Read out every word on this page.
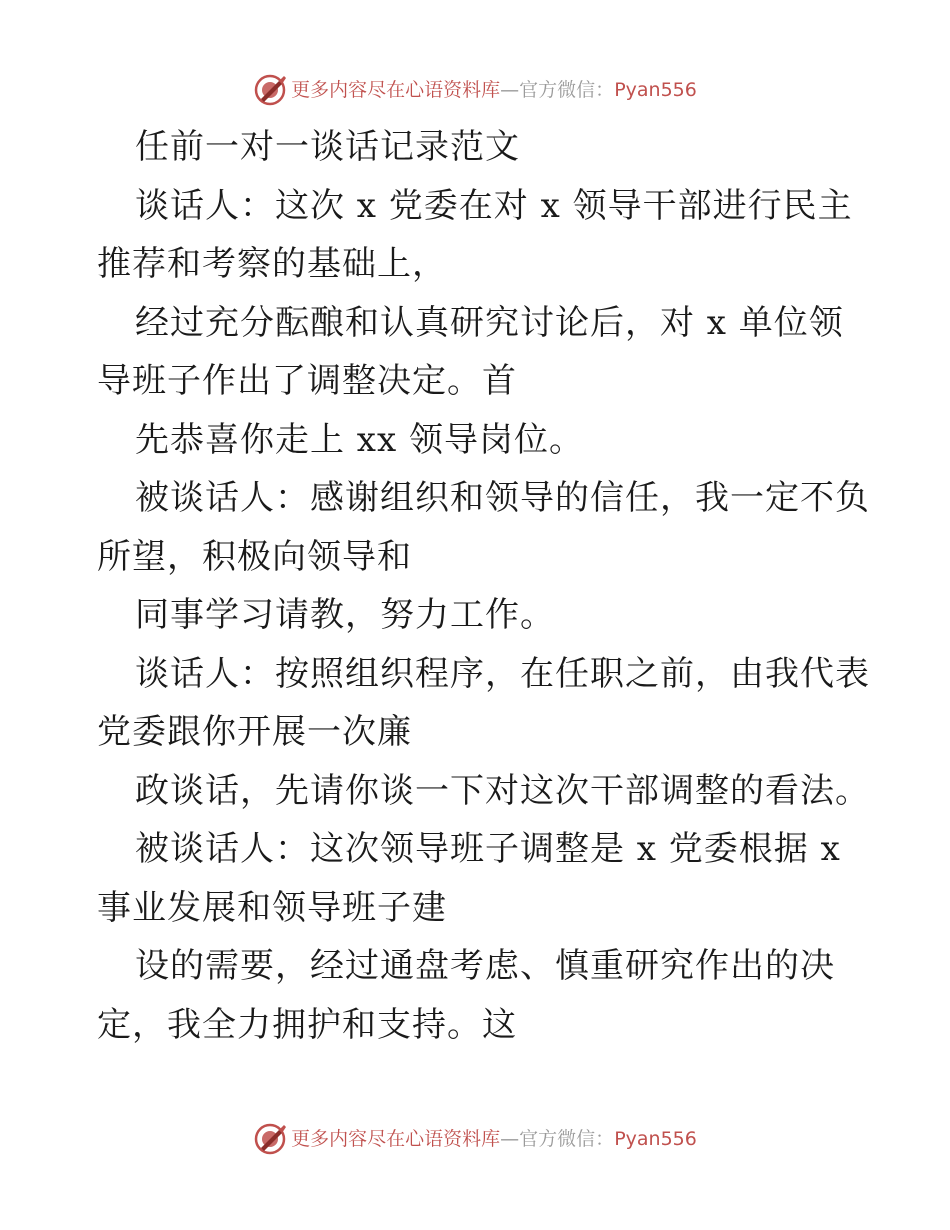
更多内容尽在心语资料库 — 官方微信： Pyan556
任前一对一谈话记录范文
谈话人：这次 x 党委在对 x 领导干部进行民主
推荐和考察的基础上，
经过充分酝酿和认真研究讨论后，对 x 单位领
导班子作出了调整决定。首
先恭喜你走上 xx 领导岗位。
被谈话人：感谢组织和领导的信任，我一定不负
所望，积极向领导和
同事学习请教，努力工作。
谈话人：按照组织程序，在任职之前，由我代表
党委跟你开展一次廉
政谈话，先请你谈一下对这次干部调整的看法。
被谈话人：这次领导班子调整是 x 党委根据 x
事业发展和领导班子建
设的需要，经过通盘考虑、慎重研究作出的决
定，我全力拥护和支持。这
更多内容尽在心语资料库 — 官方微信： Pyan556
